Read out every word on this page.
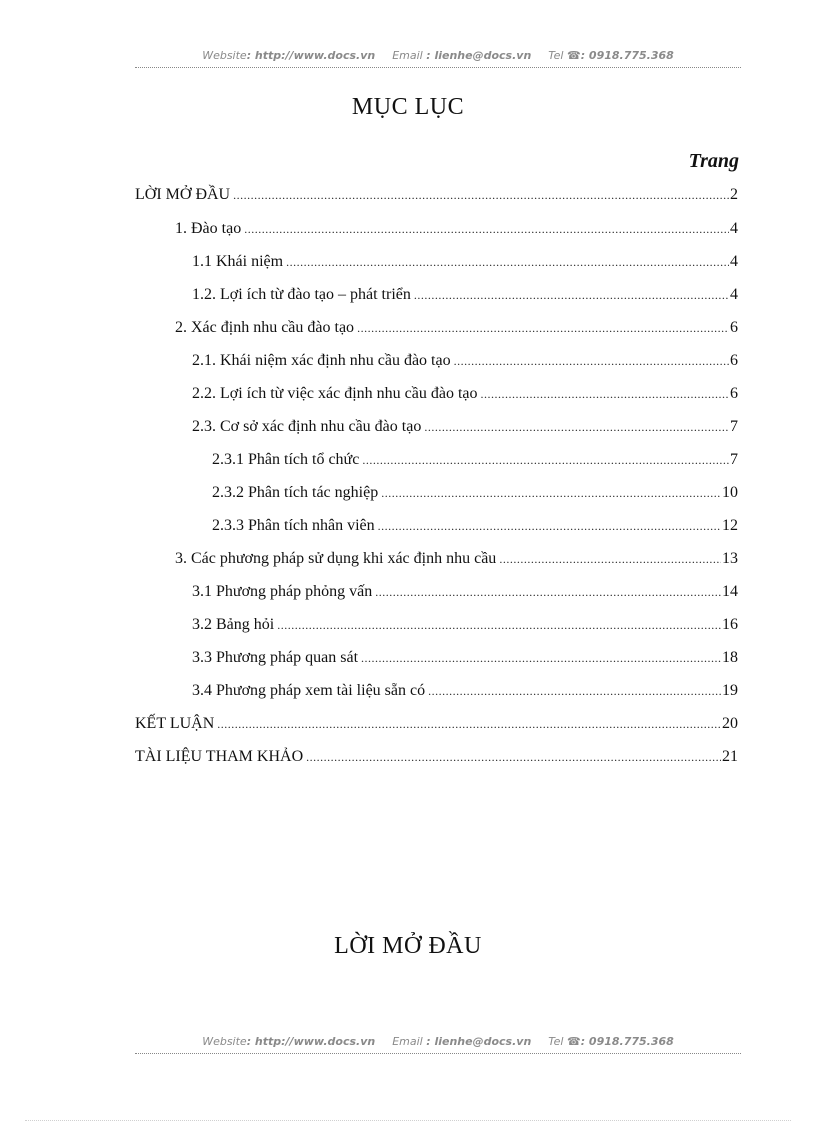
Website: http://www.docs.vn Email : lienhe@docs.vn Tel ☎: 0918.775.368
MỤC LỤC
Trang
LỜI MỞ ĐẦU .....	2
1. Đào tạo .....	4
1.1 Khái niệm .....	4
1.2. Lợi ích từ đào tạo – phát triển .....	4
2. Xác định nhu cầu đào tạo .....	6
2.1. Khái niệm xác định nhu cầu đào tạo .....	6
2.2. Lợi ích từ việc xác định nhu cầu đào tạo .....	6
2.3. Cơ sở xác định nhu cầu đào tạo .....	7
2.3.1 Phân tích tổ chức .....	7
2.3.2 Phân tích tác nghiệp .....	10
2.3.3 Phân tích nhân viên .....	12
3. Các phương pháp sử dụng khi xác định nhu cầu .....	13
3.1 Phương pháp phỏng vấn .....	14
3.2 Bảng hỏi .....	16
3.3 Phương pháp quan sát .....	18
3.4 Phương pháp xem tài liệu sẵn có .....	19
KẾT LUẬN .....	20
TÀI LIỆU THAM KHẢO .....	21
LỜI MỞ ĐẦU
Website: http://www.docs.vn Email : lienhe@docs.vn Tel ☎: 0918.775.368
